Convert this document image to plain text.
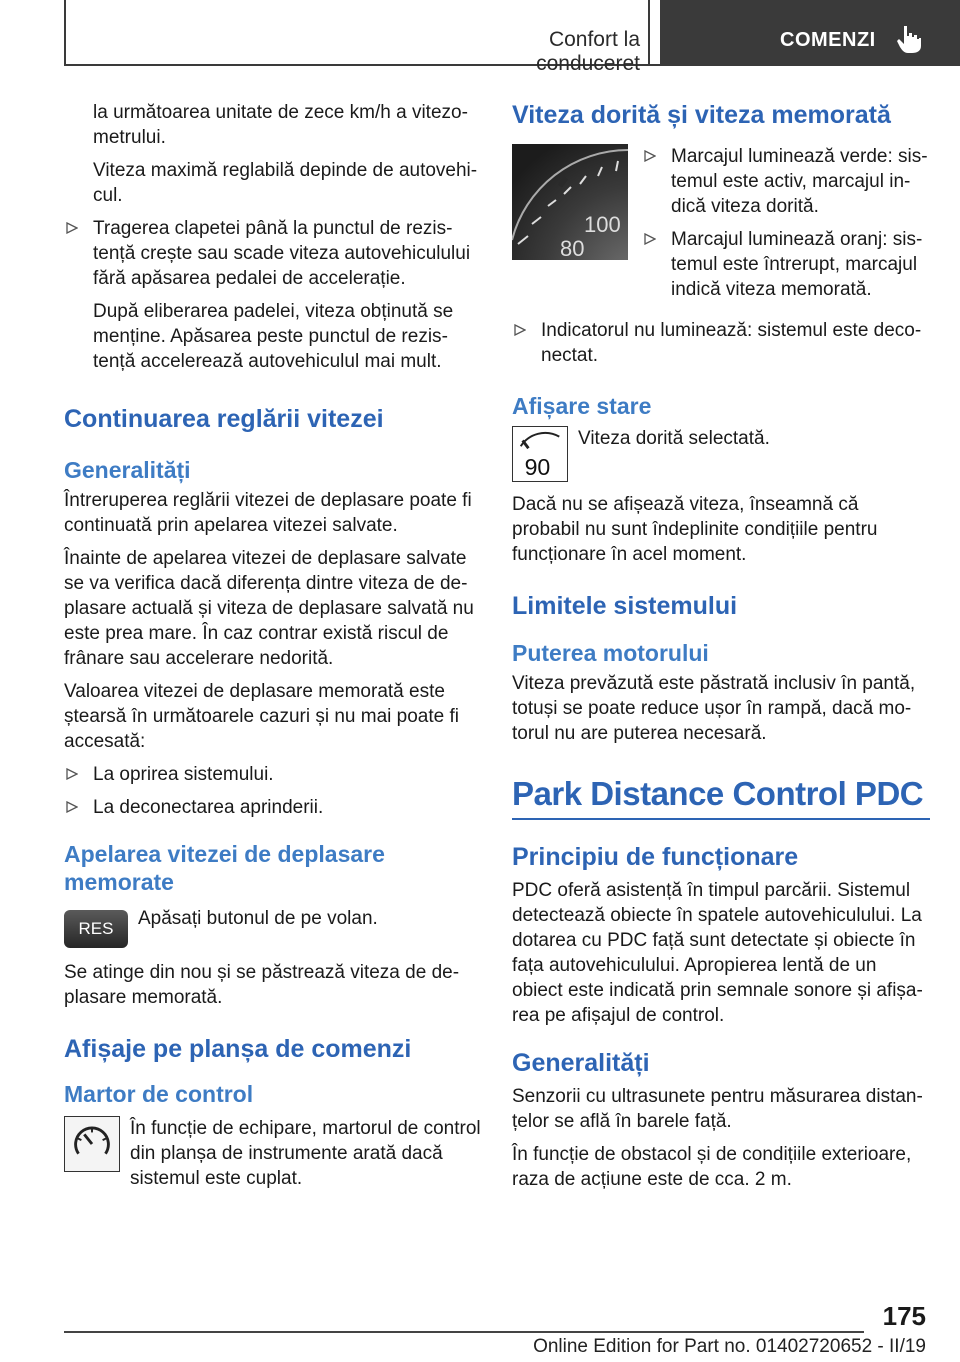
Confort la conduceret
COMENZI

la următoarea unitate de zece km/h a vitezometrului.

Viteza maximă reglabilă depinde de autovehicul.

Tragerea clapetei până la punctul de rezistență crește sau scade viteza autovehiculului fără apăsarea pedalei de accelerație.

După eliberarea padelei, viteza obținută se menține. Apăsarea peste punctul de rezistență accelerează autovehiculul mai mult.

Continuarea reglării vitezei
Generalități

Întreruperea reglării vitezei de deplasare poate fi continuată prin apelarea vitezei salvate.

Înainte de apelarea vitezei de deplasare salvate se va verifica dacă diferența dintre viteza de deplasare actuală și viteza de deplasare salvată nu este prea mare. În caz contrar există riscul de frânare sau accelerare nedorită.

Valoarea vitezei de deplasare memorată este ștearsă în următoarele cazuri și nu mai poate fi accesată:

La oprirea sistemului.
La deconectarea aprinderii.
Apelarea vitezei de deplasare memorate
RES	Apăsați butonul de pe volan.

Se atinge din nou și se păstrează viteza de deplasare memorată.

Afișaje pe planșa de comenzi
Martor de control
În funcție de echipare, martorul de control din planșa de instrumente arată dacă sistemul este cuplat.
Viteza dorită și viteza memorată
100
80
Marcajul luminează verde: sistemul este activ, marcajul indică viteza dorită.
Marcajul luminează oranj: sistemul este întrerupt, marcajul indică viteza memorată.
Indicatorul nu luminează: sistemul este deconectat.
Afișare stare
90
Viteza dorită selectată.

Dacă nu se afișează viteza, înseamnă că probabil nu sunt îndeplinite condițiile pentru funcționare în acel moment.

Limitele sistemului
Puterea motorului

Viteza prevăzută este păstrată inclusiv în pantă, totuși se poate reduce ușor în rampă, dacă motorul nu are puterea necesară.

Park Distance Control PDC
Principiu de funcționare

PDC oferă asistență în timpul parcării. Sistemul detectează obiecte în spatele autovehiculului. La dotarea cu PDC față sunt detectate și obiecte în fața autovehiculului. Apropierea lentă de un obiect este indicată prin semnale sonore și afișarea pe afișajul de control.

Generalități

Senzorii cu ultrasunete pentru măsurarea distanțelor se află în barele față.

În funcție de obstacol și de condițiile exterioare, raza de acțiune este de cca. 2 m.

175
Online Edition for Part no. 01402720652 - II/19
